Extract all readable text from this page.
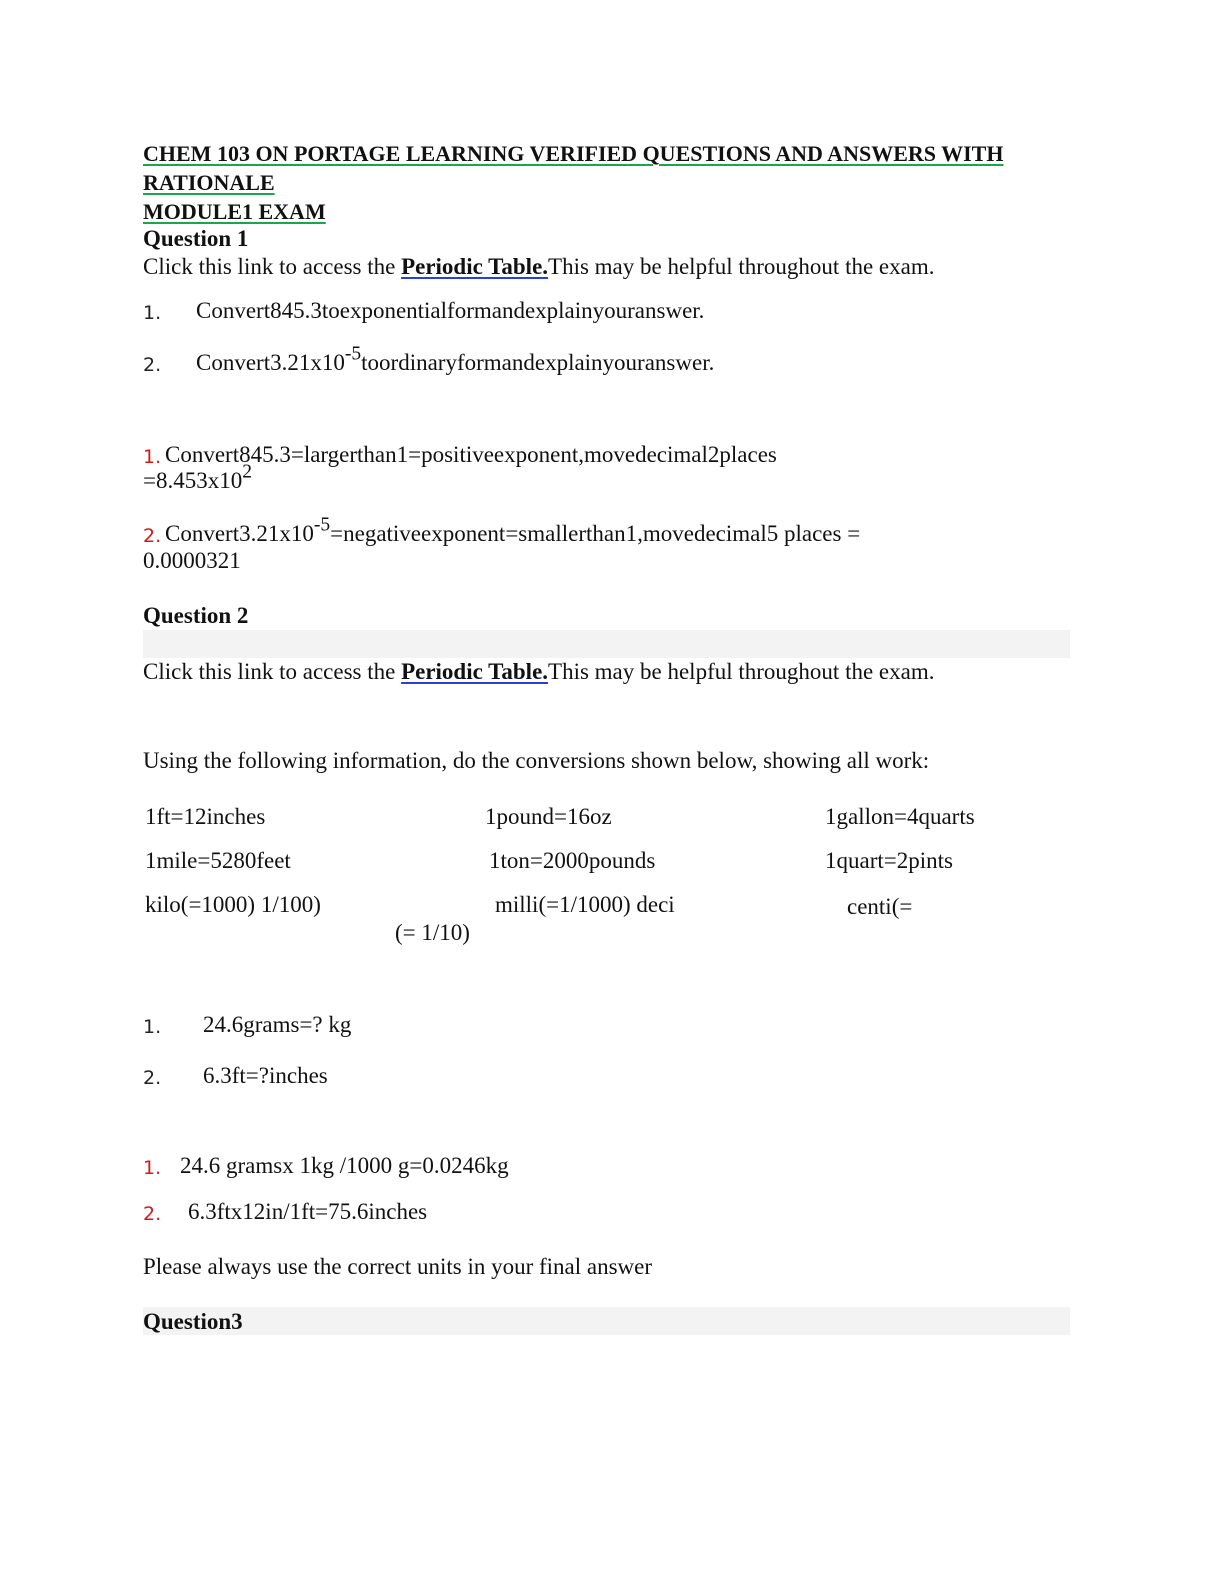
CHEM 103 ON PORTAGE LEARNING VERIFIED QUESTIONS AND ANSWERS WITH
RATIONALE
MODULE1 EXAM
Question 1
Click this link to access the Periodic Table.This may be helpful throughout the exam.
1. Convert845.3toexponentialformandexplainyouranswer.
2. $Convert3.21x10^{-5}toordinaryformandexplainyouranswer$.
1. Convert845.3=largerthan1=positiveexponent,movedecimal2places
$=8.453x10^2$
2. $Convert3.21x10^{-5}=negativeexponent=smallerthan1,movedecimal5$ places =
0.0000321
Question 2
Click this link to access the Periodic Table.This may be helpful throughout the exam.
Using the following information, do the conversions shown below, showing all work:
1ft=12inches	1pound=16oz	1gallon=4quarts
1mile=5280feet	1ton=2000pounds	1quart=2pints
kilo(=1000) 1/100)	milli(=1/1000) deci	centi(=
(= 1/10)
1. 24.6grams=? kg
2. 6.3ft=?inches
1. 24.6 gramsx 1kg /1000 g=0.0246kg
2. 6.3ftx12in/1ft=75.6inches
Please always use the correct units in your final answer
Question3
